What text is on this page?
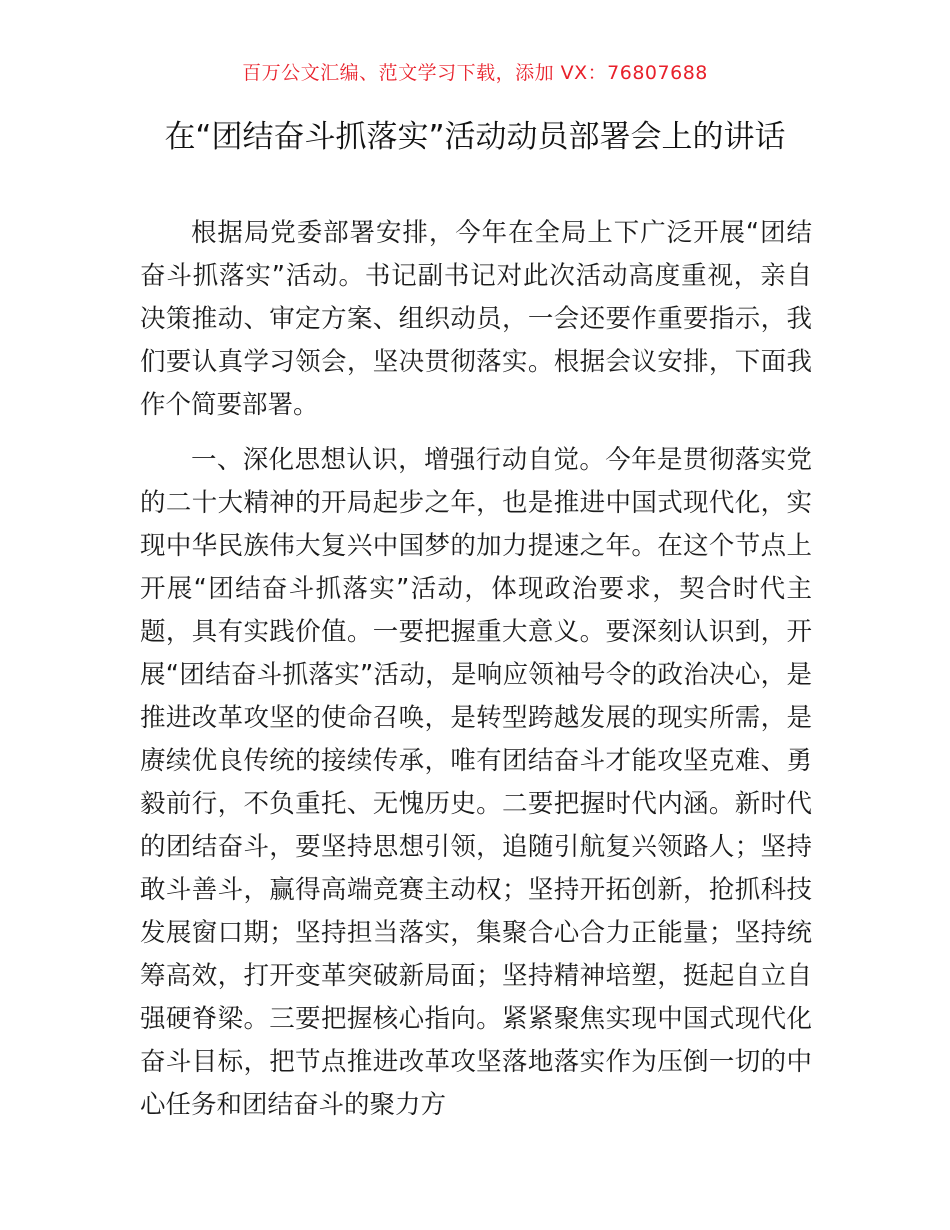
百万公文汇编、范文学习下载，添加 VX：76807688
在“团结奋斗抓落实”活动动员部署会上的讲话

根据局党委部署安排，今年在全局上下广泛开展“团结奋斗抓落实”活动。书记副书记对此次活动高度重视，亲自决策推动、审定方案、组织动员，一会还要作重要指示，我们要认真学习领会，坚决贯彻落实。根据会议安排，下面我作个简要部署。

一、深化思想认识，增强行动自觉。今年是贯彻落实党的二十大精神的开局起步之年，也是推进中国式现代化，实现中华民族伟大复兴中国梦的加力提速之年。在这个节点上开展“团结奋斗抓落实”活动，体现政治要求，契合时代主题，具有实践价值。一要把握重大意义。要深刻认识到，开展“团结奋斗抓落实”活动，是响应领袖号令的政治决心，是推进改革攻坚的使命召唤，是转型跨越发展的现实所需，是赓续优良传统的接续传承，唯有团结奋斗才能攻坚克难、勇毅前行，不负重托、无愧历史。二要把握时代内涵。新时代的团结奋斗，要坚持思想引领，追随引航复兴领路人；坚持敢斗善斗，赢得高端竞赛主动权；坚持开拓创新，抢抓科技发展窗口期；坚持担当落实，集聚合心合力正能量；坚持统筹高效，打开变革突破新局面；坚持精神培塑，挺起自立自强硬脊梁。三要把握核心指向。紧紧聚焦实现中国式现代化奋斗目标，把节点推进改革攻坚落地落实作为压倒一切的中心任务和团结奋斗的聚力方
